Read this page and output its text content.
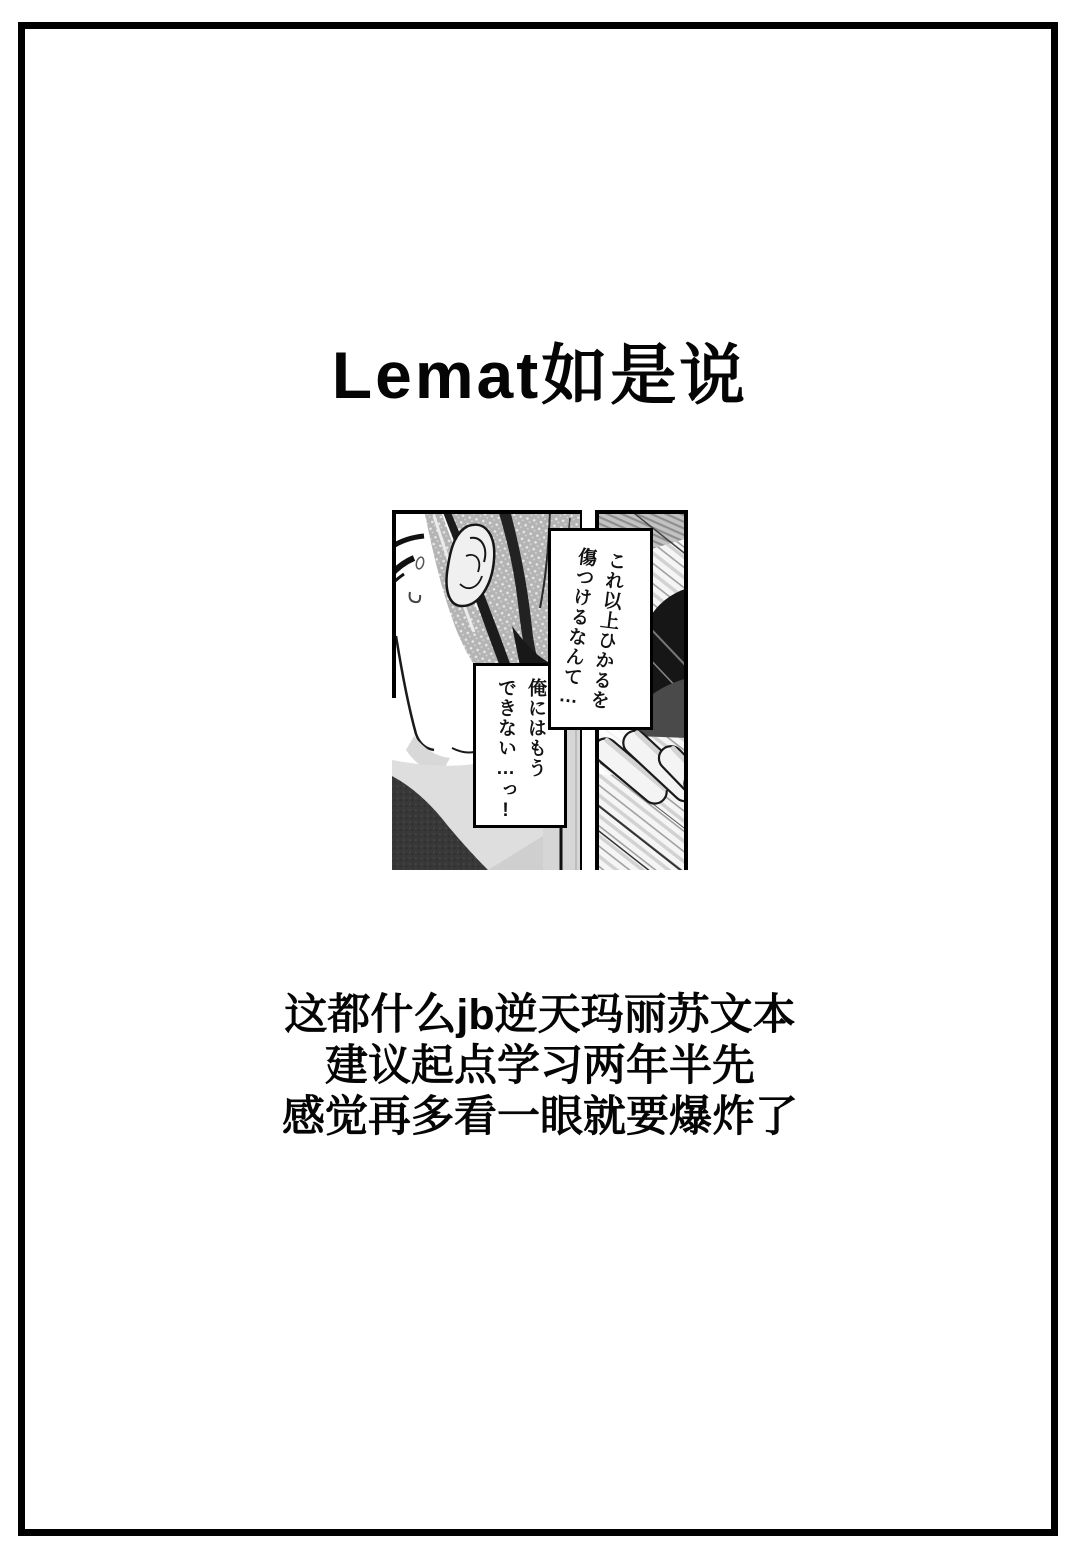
Lemat如是说
俺にはもう
できない…っ!
これ以上ひかるを
傷つけるなんて…
这都什么jb逆天玛丽苏文本
建议起点学习两年半先
感觉再多看一眼就要爆炸了
